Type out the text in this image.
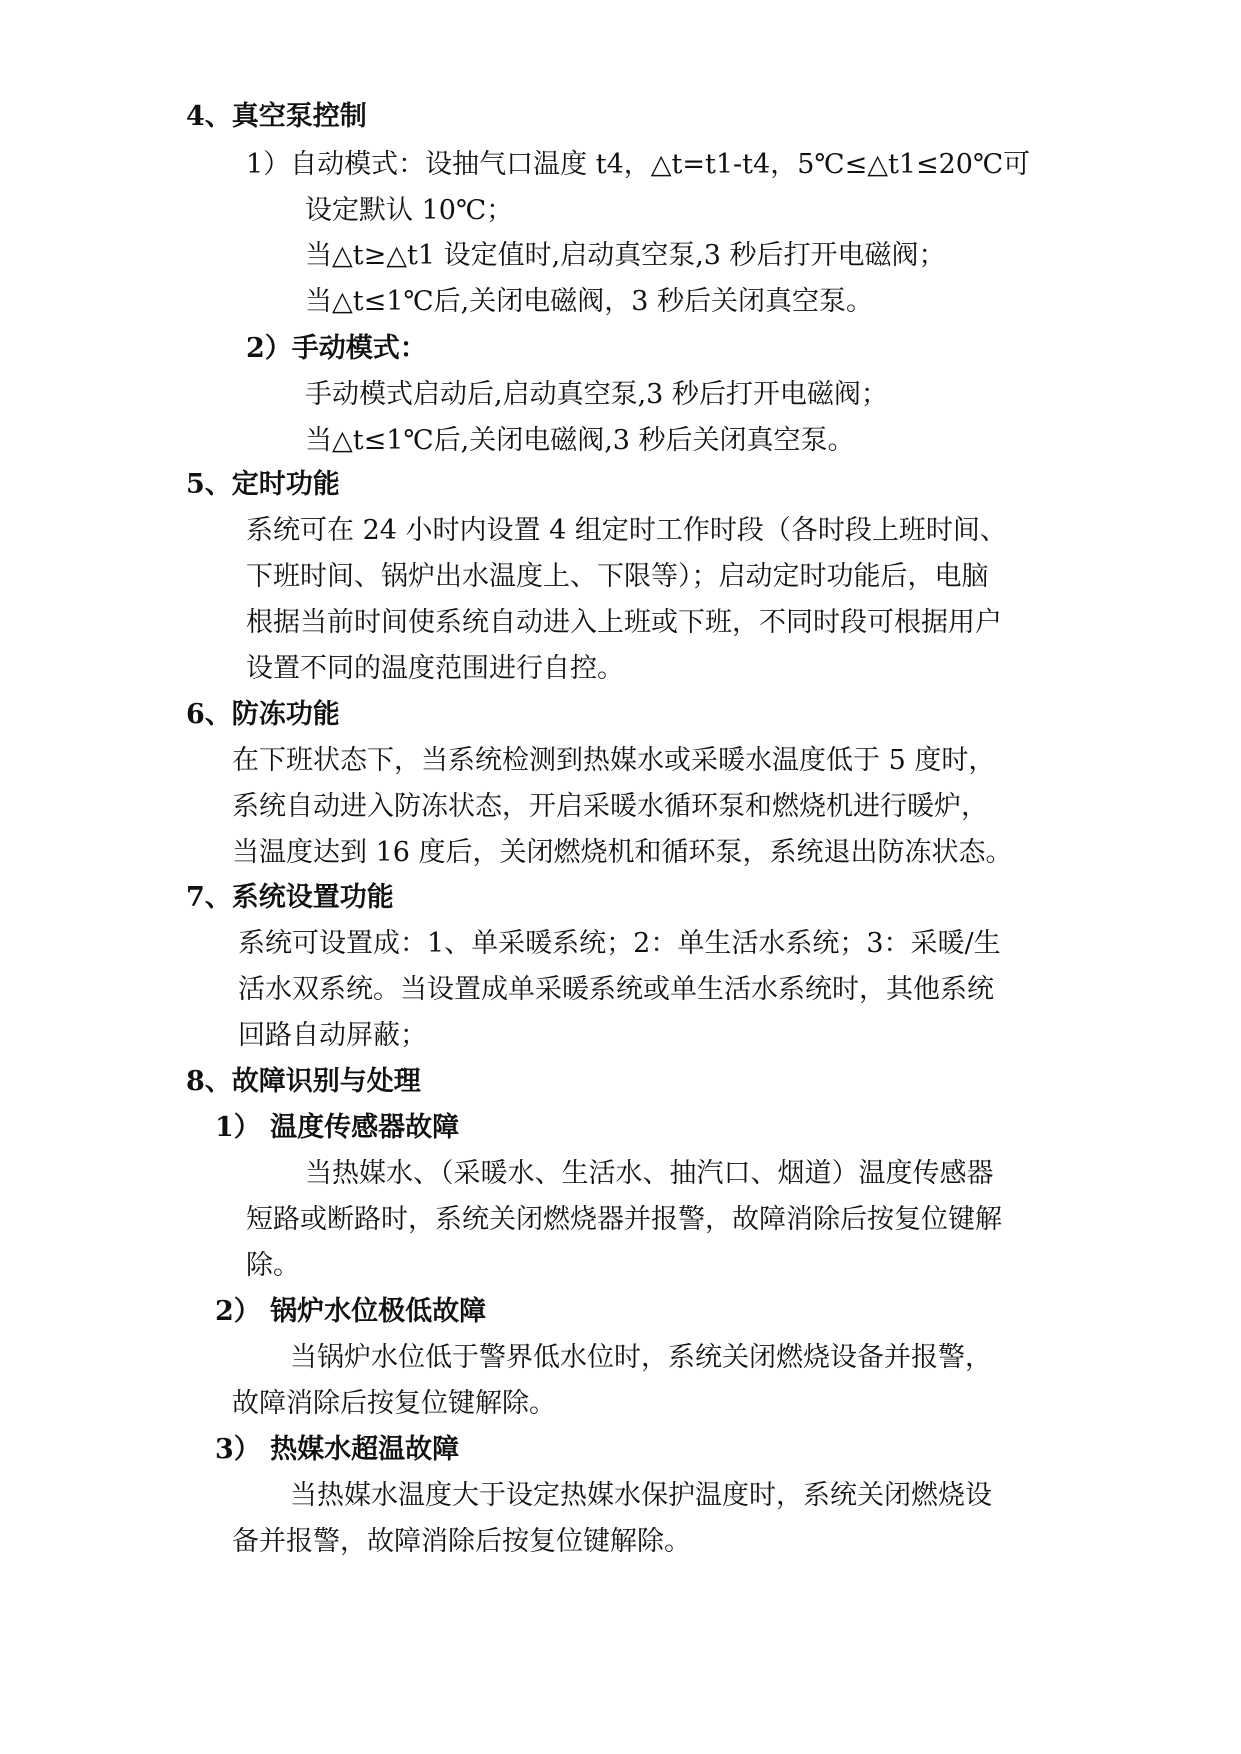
4、真空泵控制
1）自动模式：设抽气口温度 t4，△t=t1-t4，5℃≤△t1≤20℃可
设定默认 10℃；
当△t≥△t1 设定值时,启动真空泵,3 秒后打开电磁阀；
当△t≤1℃后,关闭电磁阀，3 秒后关闭真空泵。
2）手动模式：
手动模式启动后,启动真空泵,3 秒后打开电磁阀；
当△t≤1℃后,关闭电磁阀,3 秒后关闭真空泵。
5、定时功能
系统可在 24 小时内设置 4 组定时工作时段（各时段上班时间、
下班时间、锅炉出水温度上、下限等）；启动定时功能后，电脑
根据当前时间使系统自动进入上班或下班，不同时段可根据用户
设置不同的温度范围进行自控。
6、防冻功能
在下班状态下，当系统检测到热媒水或采暖水温度低于 5 度时，
系统自动进入防冻状态，开启采暖水循环泵和燃烧机进行暖炉，
当温度达到 16 度后，关闭燃烧机和循环泵，系统退出防冻状态。
7、系统设置功能
系统可设置成：1、单采暖系统；2：单生活水系统；3：采暖/生
活水双系统。当设置成单采暖系统或单生活水系统时，其他系统
回路自动屏蔽；
8、故障识别与处理
1） 温度传感器故障
当热媒水、（采暖水、生活水、抽汽口、烟道）温度传感器
短路或断路时，系统关闭燃烧器并报警，故障消除后按复位键解
除。
2） 锅炉水位极低故障
当锅炉水位低于警界低水位时，系统关闭燃烧设备并报警，
故障消除后按复位键解除。
3） 热媒水超温故障
当热媒水温度大于设定热媒水保护温度时，系统关闭燃烧设
备并报警，故障消除后按复位键解除。
